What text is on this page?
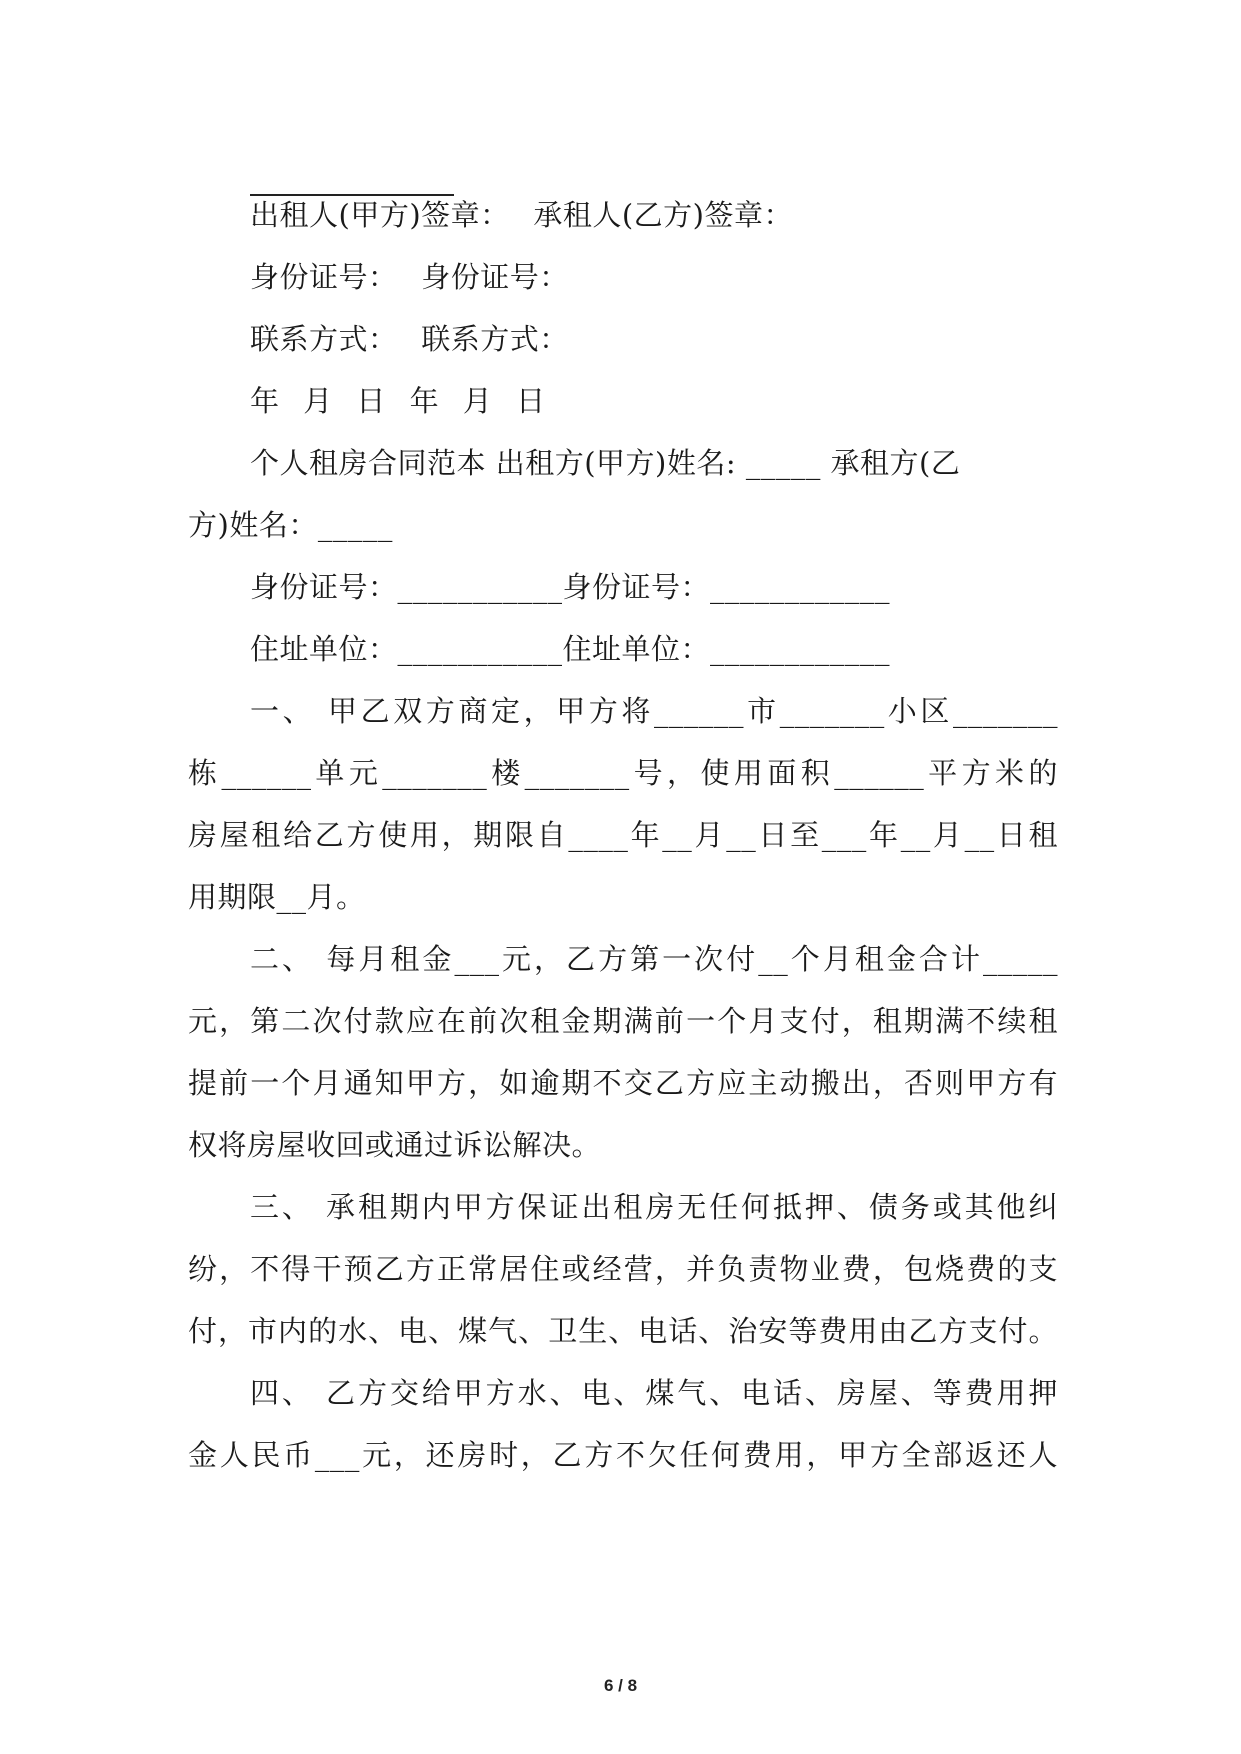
出租人(甲方)签章： 承租人(乙方)签章：
身份证号： 身份证号：
联系方式： 联系方式：
年 月 日 年 月 日
个人租房合同范本 出租方(甲方)姓名: _____ 承租方(乙
方)姓名：_____
身份证号：___________身份证号：____________
住址单位：___________住址单位：____________
一、 甲乙双方商定，甲方将______市_______小区_______
栋______单元_______楼_______号，使用面积______平方米的
房屋租给乙方使用，期限自____年__月__日至___年__月__日租
用期限__月。
二、 每月租金___元，乙方第一次付__个月租金合计_____
元，第二次付款应在前次租金期满前一个月支付，租期满不续租
提前一个月通知甲方，如逾期不交乙方应主动搬出，否则甲方有
权将房屋收回或通过诉讼解决。
三、 承租期内甲方保证出租房无任何抵押、债务或其他纠
纷，不得干预乙方正常居住或经营，并负责物业费，包烧费的支
付，市内的水、电、煤气、卫生、电话、治安等费用由乙方支付。
四、 乙方交给甲方水、电、煤气、电话、房屋、等费用押
金人民币___元，还房时，乙方不欠任何费用，甲方全部返还人
6 / 8
